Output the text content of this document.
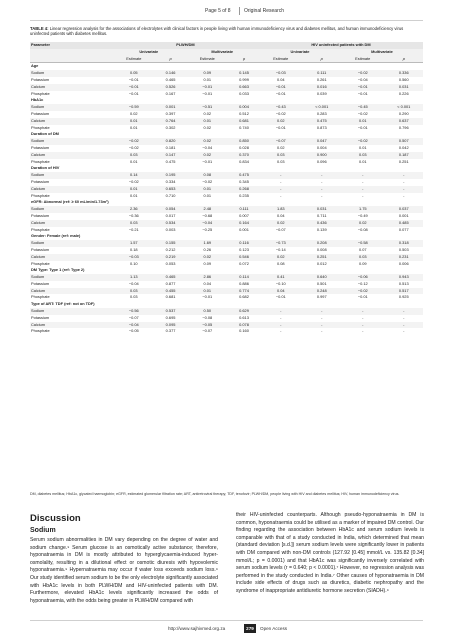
Page 5 of 8	Original Research
TABLE 4: Linear regression analysis for the associations of electrolytes with clinical factors in people living with human immunodeficiency virus and diabetes mellitus, and human immunodeficiency virus uninfected patients with diabetes mellitus.
Parameter	PLWH/DM				HIV uninfected patients with DM			
	Univariate		Multivariate		Univariate		Multivariate	
	Estimate	p	Estimate	p	Estimate	p	Estimate	p
Age								
Sodium	0.05	0.146	0.09	0.145	−0.03	0.111	−0.02	0.336
Potassium	−0.01	0.465	0.01	0.999	0.04	0.261	−0.04	0.560
Calcium	−0.01	0.526	−0.01	0.663	−0.01	0.016	−0.01	0.031
Phosphate	−0.01	0.167	−0.01	0.033	−0.01	0.039	−0.01	0.226
HbA1c								
Sodium	−0.59	0.001	−0.51	0.004	−0.43	< 0.001	−0.45	< 0.001
Potassium	0.02	0.397	0.02	0.512	−0.02	0.283	−0.02	0.290
Calcium	0.01	0.764	0.01	0.681	0.02	0.475	0.01	0.637
Phosphate	0.01	0.302	0.02	0.740	−0.01	0.873	−0.01	0.796
Duration of DM								
Sodium	−0.02	0.820	0.02	0.850	−0.07	0.047	−0.02	0.507
Potassium	−0.02	0.181	−0.04	0.028	0.02	0.004	0.01	0.042
Calcium	0.03	0.147	0.02	0.370	0.03	0.900	0.03	0.187
Phosphate	0.01	0.475	−0.01	0.834	0.03	0.096	0.01	0.251
Duration of HIV								
Sodium	0.14	0.195	0.08	0.475	-	-	-	-
Potassium	−0.02	0.334	−0.02	0.345	-	-	-	-
Calcium	0.01	0.653	0.01	0.268	-	-	-	-
Phosphate	0.01	0.710	0.01	0.235	-	-	-	-
eGFR: Abnormal (ref: ≥ 60 mL/min/1.73m²)								
Sodium	2.36	0.054	2.48	0.111	1.83	0.031	1.75	0.037
Potassium	−0.36	0.017	−0.68	0.007	0.04	0.711	−0.49	0.001
Calcium	0.03	0.534	−0.04	0.164	0.02	0.436	0.02	0.485
Phosphate	−0.21	0.003	−0.25	0.001	−0.07	0.139	−0.08	0.077
Gender: Female (ref: male)								
Sodium	1.57	0.155	1.69	0.116	−0.73	0.208	−0.58	0.318
Potassium	0.18	0.212	0.26	0.123	−0.14	0.008	0.07	0.503
Calcium	−0.03	0.219	0.02	0.546	0.02	0.251	0.03	0.231
Phosphate	0.10	0.053	0.09	0.072	0.08	0.012	0.09	0.006
DM Type: Type 1 (ref: Type 2)								
Sodium	1.13	0.465	2.86	0.114	0.41	0.640	−0.06	0.943
Potassium	−0.04	0.877	0.04	0.886	−0.10	0.501	−0.12	0.513
Calcium	0.03	0.455	0.01	0.774	0.04	0.248	−0.02	0.517
Phosphate	0.03	0.681	−0.01	0.682	−0.01	0.997	−0.01	0.925
Type of ART: TDF (ref: not on TDF)								
Sodium	−0.56	0.537	0.50	0.629	-	-	-	-
Potassium	−0.07	0.695	−0.08	0.613	-	-	-	-
Calcium	−0.04	0.095	−0.05	0.078	-	-	-	-
Phosphate	−0.05	0.377	−0.07	0.160	-	-	-	-
DM, diabetes mellitus; HbA1c, glycated haemoglobin; eGFR, estimated glomerular filtration rate; ART, antiretroviral therapy; TDF, tenofovir; PLWH/DM, people living with HIV and diabetes mellitus; HIV, human immunodeficiency virus.
Discussion
Sodium

Serum sodium abnormalities in DM vary depending on the degree of water and sodium change.⁹ Serum glucose is an osmotically active substance; therefore, hyponatraemia in DM is mostly attributed to hyperglycaemia-induced hyper-osmolality, resulting in a dilutional effect or osmotic diuresis with hypovolemic hyponatraemia.⁹ Hypernatraemia may occur if water loss exceeds sodium loss.⁹ Our study identified serum sodium to be the only electrolyte significantly associated with HbA1c levels in both PLWH/DM and HIV-uninfected patients with DM. Furthermore, elevated HbA1c levels significantly increased the odds of hyponatraemia, with the odds being greater in PLWH/DM compared with

their HIV-uninfected counterparts. Although pseudo-hyponatraemia in DM is common, hyponatraemia could be utilised as a marker of impaired DM control. Our finding regarding the association between HbA1c and serum sodium levels is comparable with that of a study conducted in India, which determined that mean (standard deviation [s.d.]) serum sodium levels were significantly lower in patients with DM compared with non-DM controls (127.92 [0.45] mmol/L vs. 135.82 [0.34] mmol/L; p = 0.0001) and that HbA1c was significantly inversely correlated with serum sodium levels (r = 0.640; p < 0.0001).⁷ However, no regression analysis was performed in the study conducted in India.⁷ Other causes of hyponatraemia in DM include side effects of drugs such as diuretics, diabetic nephropathy and the syndrome of inappropriate antidiuretic hormone secretion (SIADH).⁹

http://www.sajhivmed.org.za	279	Open Access
